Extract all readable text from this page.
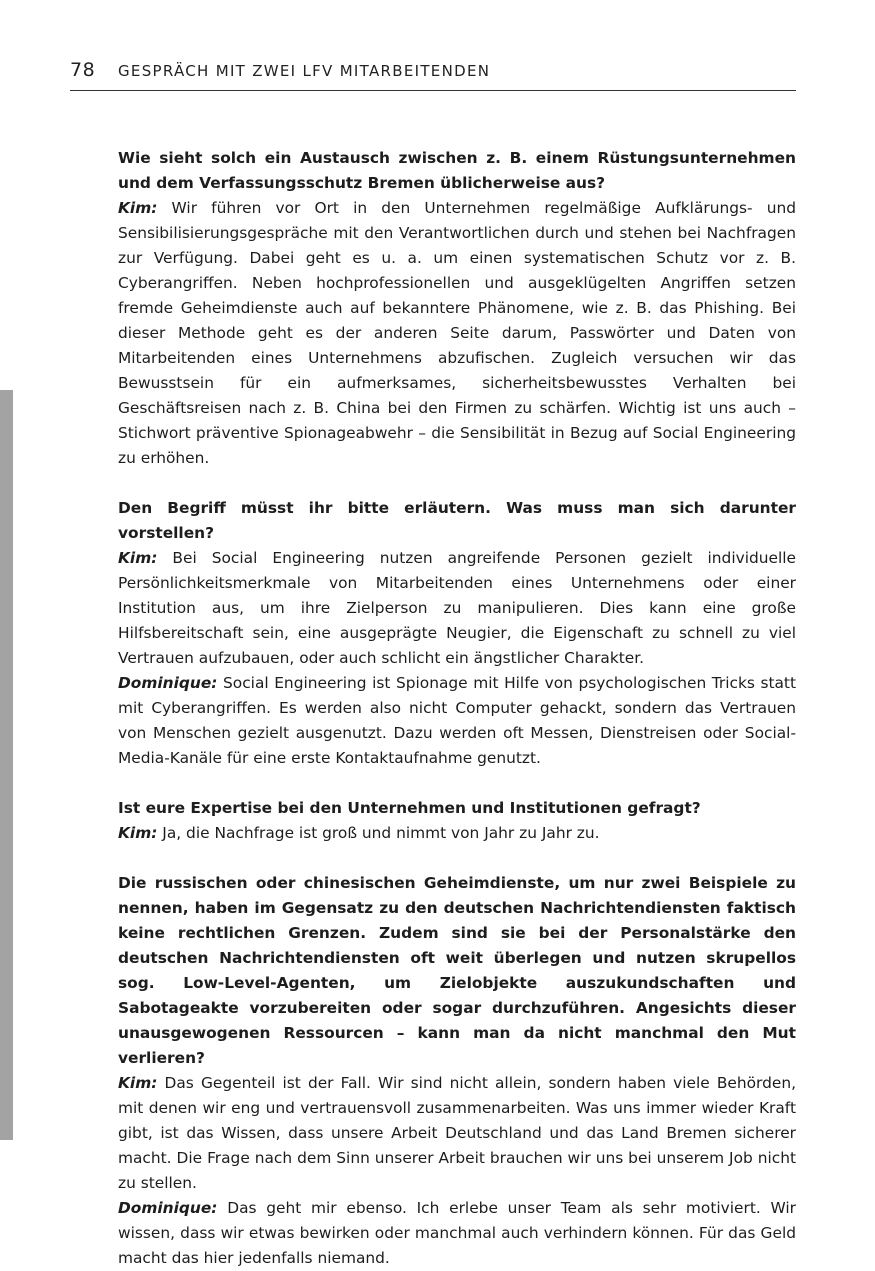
78 GESPRÄCH MIT ZWEI LFV MITARBEITENDEN

Wie sieht solch ein Austausch zwischen z. B. einem Rüstungsunternehmen und dem Verfassungsschutz Bremen üblicherweise aus?

Kim: Wir führen vor Ort in den Unternehmen regelmäßige Aufklärungs- und Sensibilisierungsgespräche mit den Verantwortlichen durch und stehen bei Nachfragen zur Verfügung. Dabei geht es u. a. um einen systematischen Schutz vor z. B. Cyberangriffen. Neben hochprofessionellen und ausgeklügelten Angriffen setzen fremde Geheimdienste auch auf bekanntere Phänomene, wie z. B. das Phishing. Bei dieser Methode geht es der anderen Seite darum, Passwörter und Daten von Mitarbeitenden eines Unternehmens abzufischen. Zugleich versuchen wir das Bewusstsein für ein aufmerksames, sicherheitsbewusstes Verhalten bei Geschäftsreisen nach z. B. China bei den Firmen zu schärfen. Wichtig ist uns auch – Stichwort präventive Spionageabwehr – die Sensibilität in Bezug auf Social Engineering zu erhöhen.

Den Begriff müsst ihr bitte erläutern. Was muss man sich darunter vorstellen?

Kim: Bei Social Engineering nutzen angreifende Personen gezielt individuelle Persönlichkeitsmerkmale von Mitarbeitenden eines Unternehmens oder einer Institution aus, um ihre Zielperson zu manipulieren. Dies kann eine große Hilfsbereitschaft sein, eine ausgeprägte Neugier, die Eigenschaft zu schnell zu viel Vertrauen aufzubauen, oder auch schlicht ein ängstlicher Charakter.

Dominique: Social Engineering ist Spionage mit Hilfe von psychologischen Tricks statt mit Cyberangriffen. Es werden also nicht Computer gehackt, sondern das Vertrauen von Menschen gezielt ausgenutzt. Dazu werden oft Messen, Dienstreisen oder Social-Media-Kanäle für eine erste Kontaktaufnahme genutzt.

Ist eure Expertise bei den Unternehmen und Institutionen gefragt?

Kim: Ja, die Nachfrage ist groß und nimmt von Jahr zu Jahr zu.

Die russischen oder chinesischen Geheimdienste, um nur zwei Beispiele zu nennen, haben im Gegensatz zu den deutschen Nachrichtendiensten faktisch keine rechtlichen Grenzen. Zudem sind sie bei der Personalstärke den deutschen Nachrichtendiensten oft weit überlegen und nutzen skrupellos sog. Low-Level-Agenten, um Zielobjekte auszukundschaften und Sabotageakte vorzubereiten oder sogar durchzuführen. Angesichts dieser unausgewogenen Ressourcen – kann man da nicht manchmal den Mut verlieren?

Kim: Das Gegenteil ist der Fall. Wir sind nicht allein, sondern haben viele Behörden, mit denen wir eng und vertrauensvoll zusammenarbeiten. Was uns immer wieder Kraft gibt, ist das Wissen, dass unsere Arbeit Deutschland und das Land Bremen sicherer macht. Die Frage nach dem Sinn unserer Arbeit brauchen wir uns bei unserem Job nicht zu stellen.

Dominique: Das geht mir ebenso. Ich erlebe unser Team als sehr motiviert. Wir wissen, dass wir etwas bewirken oder manchmal auch verhindern können. Für das Geld macht das hier jedenfalls niemand.
